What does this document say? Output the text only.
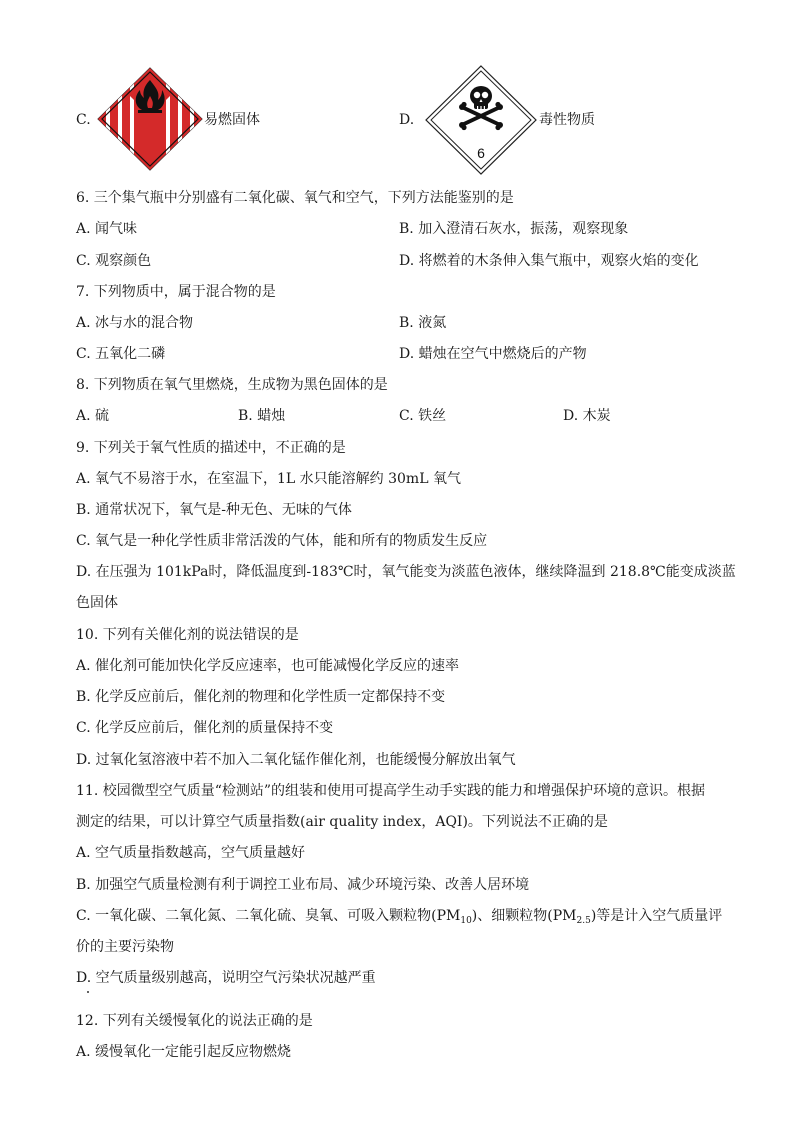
C.	易燃固体	D.
6
毒性物质
6. 三个集气瓶中分别盛有二氧化碳、氧气和空气，下列方法能鉴别的是
A. 闻气味	B. 加入澄清石灰水，振荡，观察现象
C. 观察颜色	D. 将燃着的木条伸入集气瓶中，观察火焰的变化
7. 下列物质中，属于混合物的是
A. 冰与水的混合物	B. 液氮
C. 五氧化二磷	D. 蜡烛在空气中燃烧后的产物
8. 下列物质在氧气里燃烧，生成物为黑色固体的是
A. 硫	B. 蜡烛	C. 铁丝	D. 木炭
9. 下列关于氧气性质的描述中，不正确的是
A. 氧气不易溶于水，在室温下，1L 水只能溶解约 30mL 氧气
B. 通常状况下，氧气是-种无色、无味的气体
C. 氧气是一种化学性质非常活泼的气体，能和所有的物质发生反应
D. 在压强为 101kPa时，降低温度到-183℃时，氧气能变为淡蓝色液体，继续降温到 218.8℃能变成淡蓝
色固体
10. 下列有关催化剂的说法错误的是
A. 催化剂可能加快化学反应速率，也可能减慢化学反应的速率
B. 化学反应前后，催化剂的物理和化学性质一定都保持不变
C. 化学反应前后，催化剂的质量保持不变
D. 过氧化氢溶液中若不加入二氧化锰作催化剂，也能缓慢分解放出氧气
11. 校园微型空气质量“检测站”的组装和使用可提高学生动手实践的能力和增强保护环境的意识。根据
测定的结果，可以计算空气质量指数(air quality index，AQI)。下列说法不正确的是
A. 空气质量指数越高，空气质量越好
B. 加强空气质量检测有利于调控工业布局、减少环境污染、改善人居环境
C. 一氧化碳、二氧化氮、二氧化硫、臭氧、可吸入颗粒物$(PM_{10})$、细颗粒物$(PM_{2.5})$等是计入空气质量评
价的主要污染物
D. 空气质量级别越高，说明空气污染状况越严重
12. 下列有关缓慢氧化的说法正确的是
A. 缓慢氧化一定能引起反应物燃烧
